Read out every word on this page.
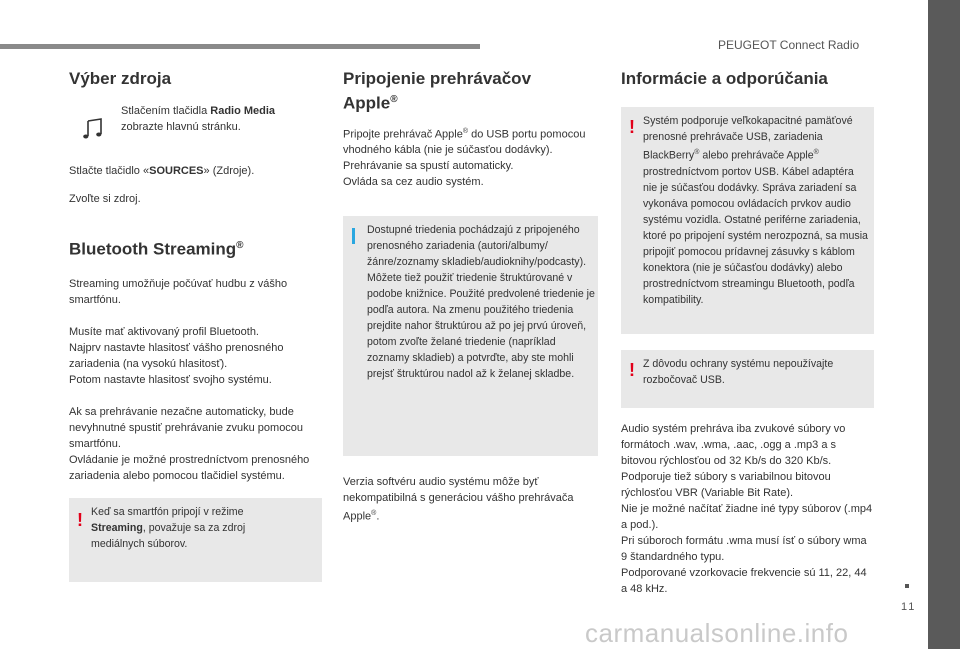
PEUGEOT Connect Radio
11
carmanualsonline.info
Výber zdroja

Stlačením tlačidla Radio Media zobrazte hlavnú stránku.

Stlačte tlačidlo «SOURCES» (Zdroje).

Zvoľte si zdroj.

Bluetooth Streaming®

Streaming umožňuje počúvať hudbu z vášho smartfónu.

Musíte mať aktivovaný profil Bluetooth.

Najprv nastavte hlasitosť vášho prenosného zariadenia (na vysokú hlasitosť).

Potom nastavte hlasitosť svojho systému.

Ak sa prehrávanie nezačne automaticky, bude nevyhnutné spustiť prehrávanie zvuku pomocou smartfónu.

Ovládanie je možné prostredníctvom prenosného zariadenia alebo pomocou tlačidiel systému.

! Keď sa smartfón pripojí v režime Streaming, považuje sa za zdroj mediálnych súborov.

Pripojenie prehrávačov
Apple®

Pripojte prehrávač Apple® do USB portu pomocou vhodného kábla (nie je súčasťou dodávky).

Prehrávanie sa spustí automaticky.

Ovláda sa cez audio systém.

Dostupné triedenia pochádzajú z pripojeného prenosného zariadenia (autori/albumy/žánre/zoznamy skladieb/audioknihy/podcasty). Môžete tiež použiť triedenie štruktúrované v podobe knižnice. Použité predvolené triedenie je podľa autora. Na zmenu použitého triedenia prejdite nahor štruktúrou až po jej prvú úroveň, potom zvoľte želané triedenie (napríklad zoznamy skladieb) a potvrďte, aby ste mohli prejsť štruktúrou nadol až k želanej skladbe.

Verzia softvéru audio systému môže byť nekompatibilná s generáciou vášho prehrávača Apple®.

Informácie a odporúčania
! Systém podporuje veľkokapacitné pamäťové prenosné prehrávače USB, zariadenia BlackBerry® alebo prehrávače Apple® prostredníctvom portov USB. Kábel adaptéra nie je súčasťou dodávky. Správa zariadení sa vykonáva pomocou ovládacích prvkov audio systému vozidla. Ostatné periférne zariadenia, ktoré po pripojení systém nerozpozná, sa musia pripojiť pomocou prídavnej zásuvky s káblom konektora (nie je súčasťou dodávky) alebo prostredníctvom streamingu Bluetooth, podľa kompatibility.

! Z dôvodu ochrany systému nepoužívajte rozbočovač USB.

Audio systém prehráva iba zvukové súbory vo formátoch .wav, .wma, .aac, .ogg a .mp3 a s bitovou rýchlosťou od 32 Kb/s do 320 Kb/s.

Podporuje tiež súbory s variabilnou bitovou rýchlosťou VBR (Variable Bit Rate).

Nie je možné načítať žiadne iné typy súborov (.mp4 a pod.).

Pri súboroch formátu .wma musí ísť o súbory wma 9 štandardného typu.

Podporované vzorkovacie frekvencie sú 11, 22, 44 a 48 kHz.
